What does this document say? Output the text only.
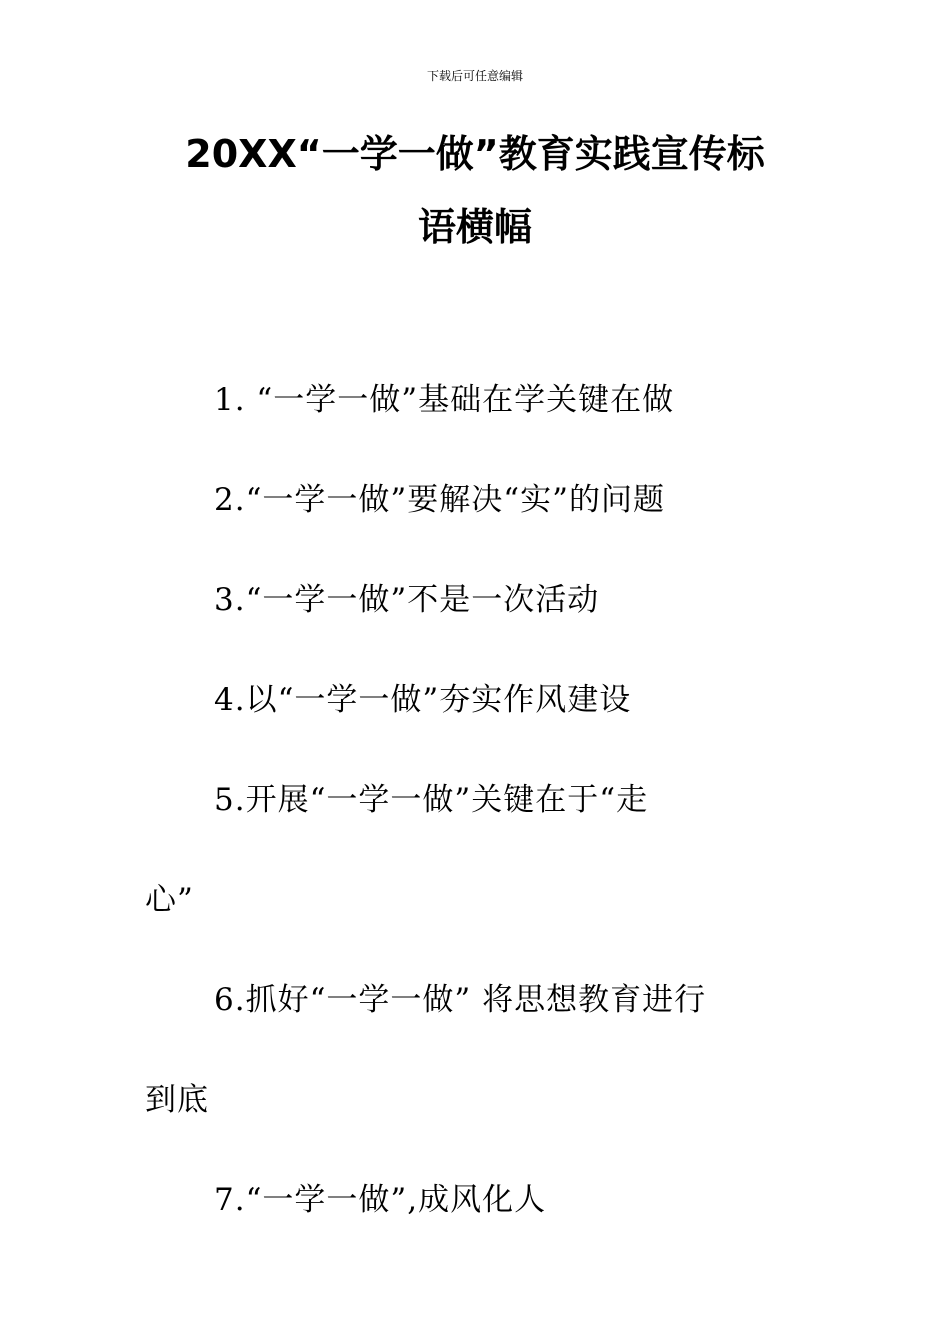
下载后可任意编辑
20XX“一学一做”教育实践宣传标
语横幅
1. “一学一做”基础在学关键在做
2.“一学一做”要解决“实”的问题
3.“一学一做”不是一次活动
4.以“一学一做”夯实作风建设
5.开展“一学一做”关键在于“走
心”
6.抓好“一学一做” 将思想教育进行
到底
7.“一学一做”,成风化人
